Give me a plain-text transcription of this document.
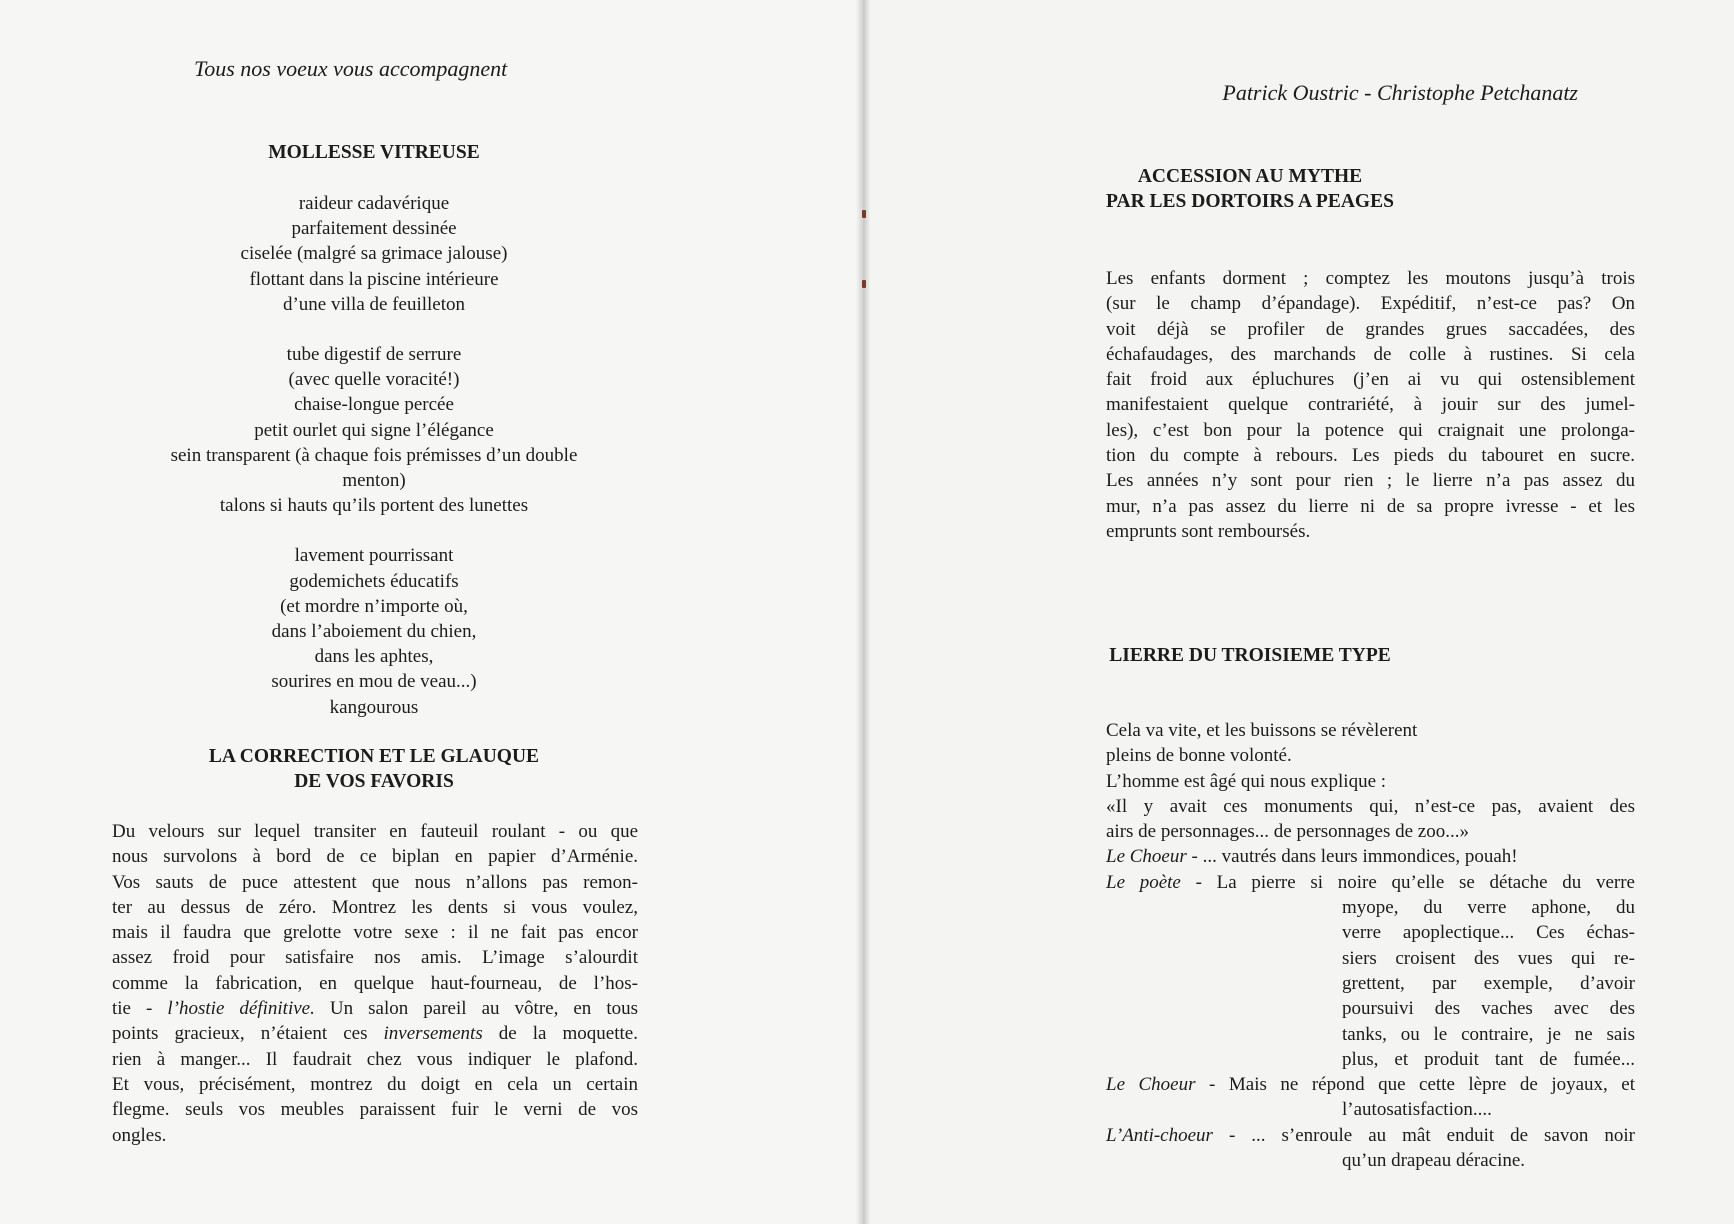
Tous nos voeux vous accompagnent
MOLLESSE VITREUSE
raideur cadavérique
parfaitement dessinée
ciselée (malgré sa grimace jalouse)
flottant dans la piscine intérieure
d’une villa de feuilleton
tube digestif de serrure
(avec quelle voracité!)
chaise-longue percée
petit ourlet qui signe l’élégance
sein transparent (à chaque fois prémisses d’un double
menton)
talons si hauts qu’ils portent des lunettes
lavement pourrissant
godemichets éducatifs
(et mordre n’importe où,
dans l’aboiement du chien,
dans les aphtes,
sourires en mou de veau...)
kangourous
LA CORRECTION ET LE GLAUQUE
DE VOS FAVORIS
Du velours sur lequel transiter en fauteuil roulant - ou que
nous survolons à bord de ce biplan en papier d’Arménie.
Vos sauts de puce attestent que nous n’allons pas remon-
ter au dessus de zéro. Montrez les dents si vous voulez,
mais il faudra que grelotte votre sexe : il ne fait pas encor
assez froid pour satisfaire nos amis. L’image s’alourdit
comme la fabrication, en quelque haut-fourneau, de l’hos-
tie - l’hostie définitive. Un salon pareil au vôtre, en tous
points gracieux, n’étaient ces inversements de la moquette.
rien à manger... Il faudrait chez vous indiquer le plafond.
Et vous, précisément, montrez du doigt en cela un certain
flegme. seuls vos meubles paraissent fuir le verni de vos
ongles.
Patrick Oustric - Christophe Petchanatz
ACCESSION AU MYTHE
PAR LES DORTOIRS A PEAGES
Les enfants dorment ; comptez les moutons jusqu’à trois
(sur le champ d’épandage). Expéditif, n’est-ce pas? On
voit déjà se profiler de grandes grues saccadées, des
échafaudages, des marchands de colle à rustines. Si cela
fait froid aux épluchures (j’en ai vu qui ostensiblement
manifestaient quelque contrariété, à jouir sur des jumel-
les), c’est bon pour la potence qui craignait une prolonga-
tion du compte à rebours. Les pieds du tabouret en sucre.
Les années n’y sont pour rien ; le lierre n’a pas assez du
mur, n’a pas assez du lierre ni de sa propre ivresse - et les
emprunts sont remboursés.
LIERRE DU TROISIEME TYPE
Cela va vite, et les buissons se révèlerent
pleins de bonne volonté.
L’homme est âgé qui nous explique :
«Il y avait ces monuments qui, n’est-ce pas, avaient des
airs de personnages... de personnages de zoo...»
Le Choeur - ... vautrés dans leurs immondices, pouah!
Le poète - La pierre si noire qu’elle se détache du verre
myope, du verre aphone, du
verre apoplectique... Ces échas-
siers croisent des vues qui re-
grettent, par exemple, d’avoir
poursuivi des vaches avec des
tanks, ou le contraire, je ne sais
plus, et produit tant de fumée...
Le Choeur - Mais ne répond que cette lèpre de joyaux, et
l’autosatisfaction....
L’Anti-choeur - ... s’enroule au mât enduit de savon noir
qu’un drapeau déracine.
